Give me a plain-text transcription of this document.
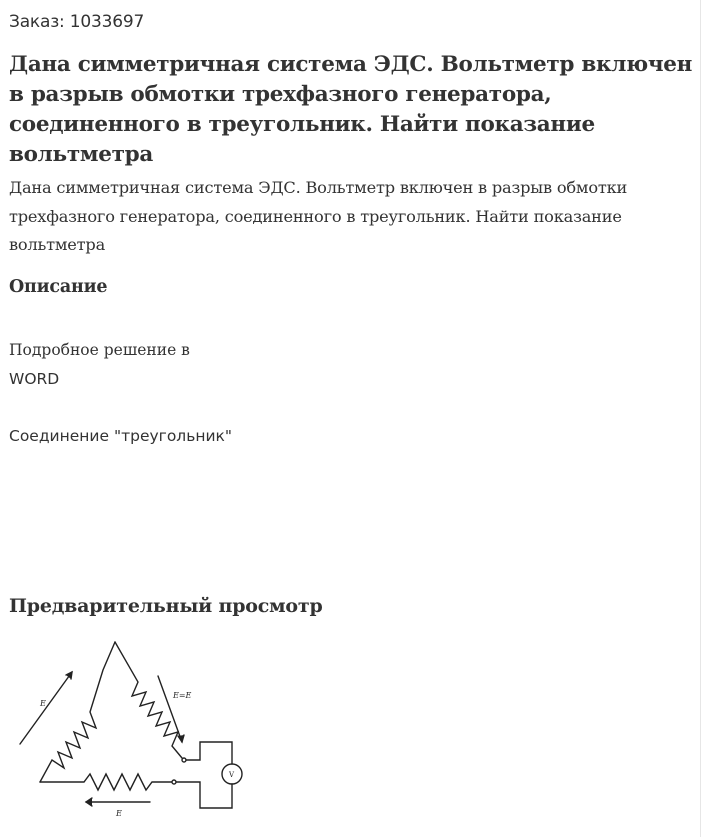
Заказ: 1033697
Дана симметричная система ЭДС. Вольтметр включен в разрыв обмотки трехфазного генератора, соединенного в треугольник. Найти показание вольтметра

Дана симметричная система ЭДС. Вольтметр включен в разрыв обмотки трехфазного генератора, соединенного в треугольник. Найти показание вольтметра

Описание

Подробное решение в
WORD

Соединение "треугольник"

Предварительный просмотр
E
E=E
E
V
